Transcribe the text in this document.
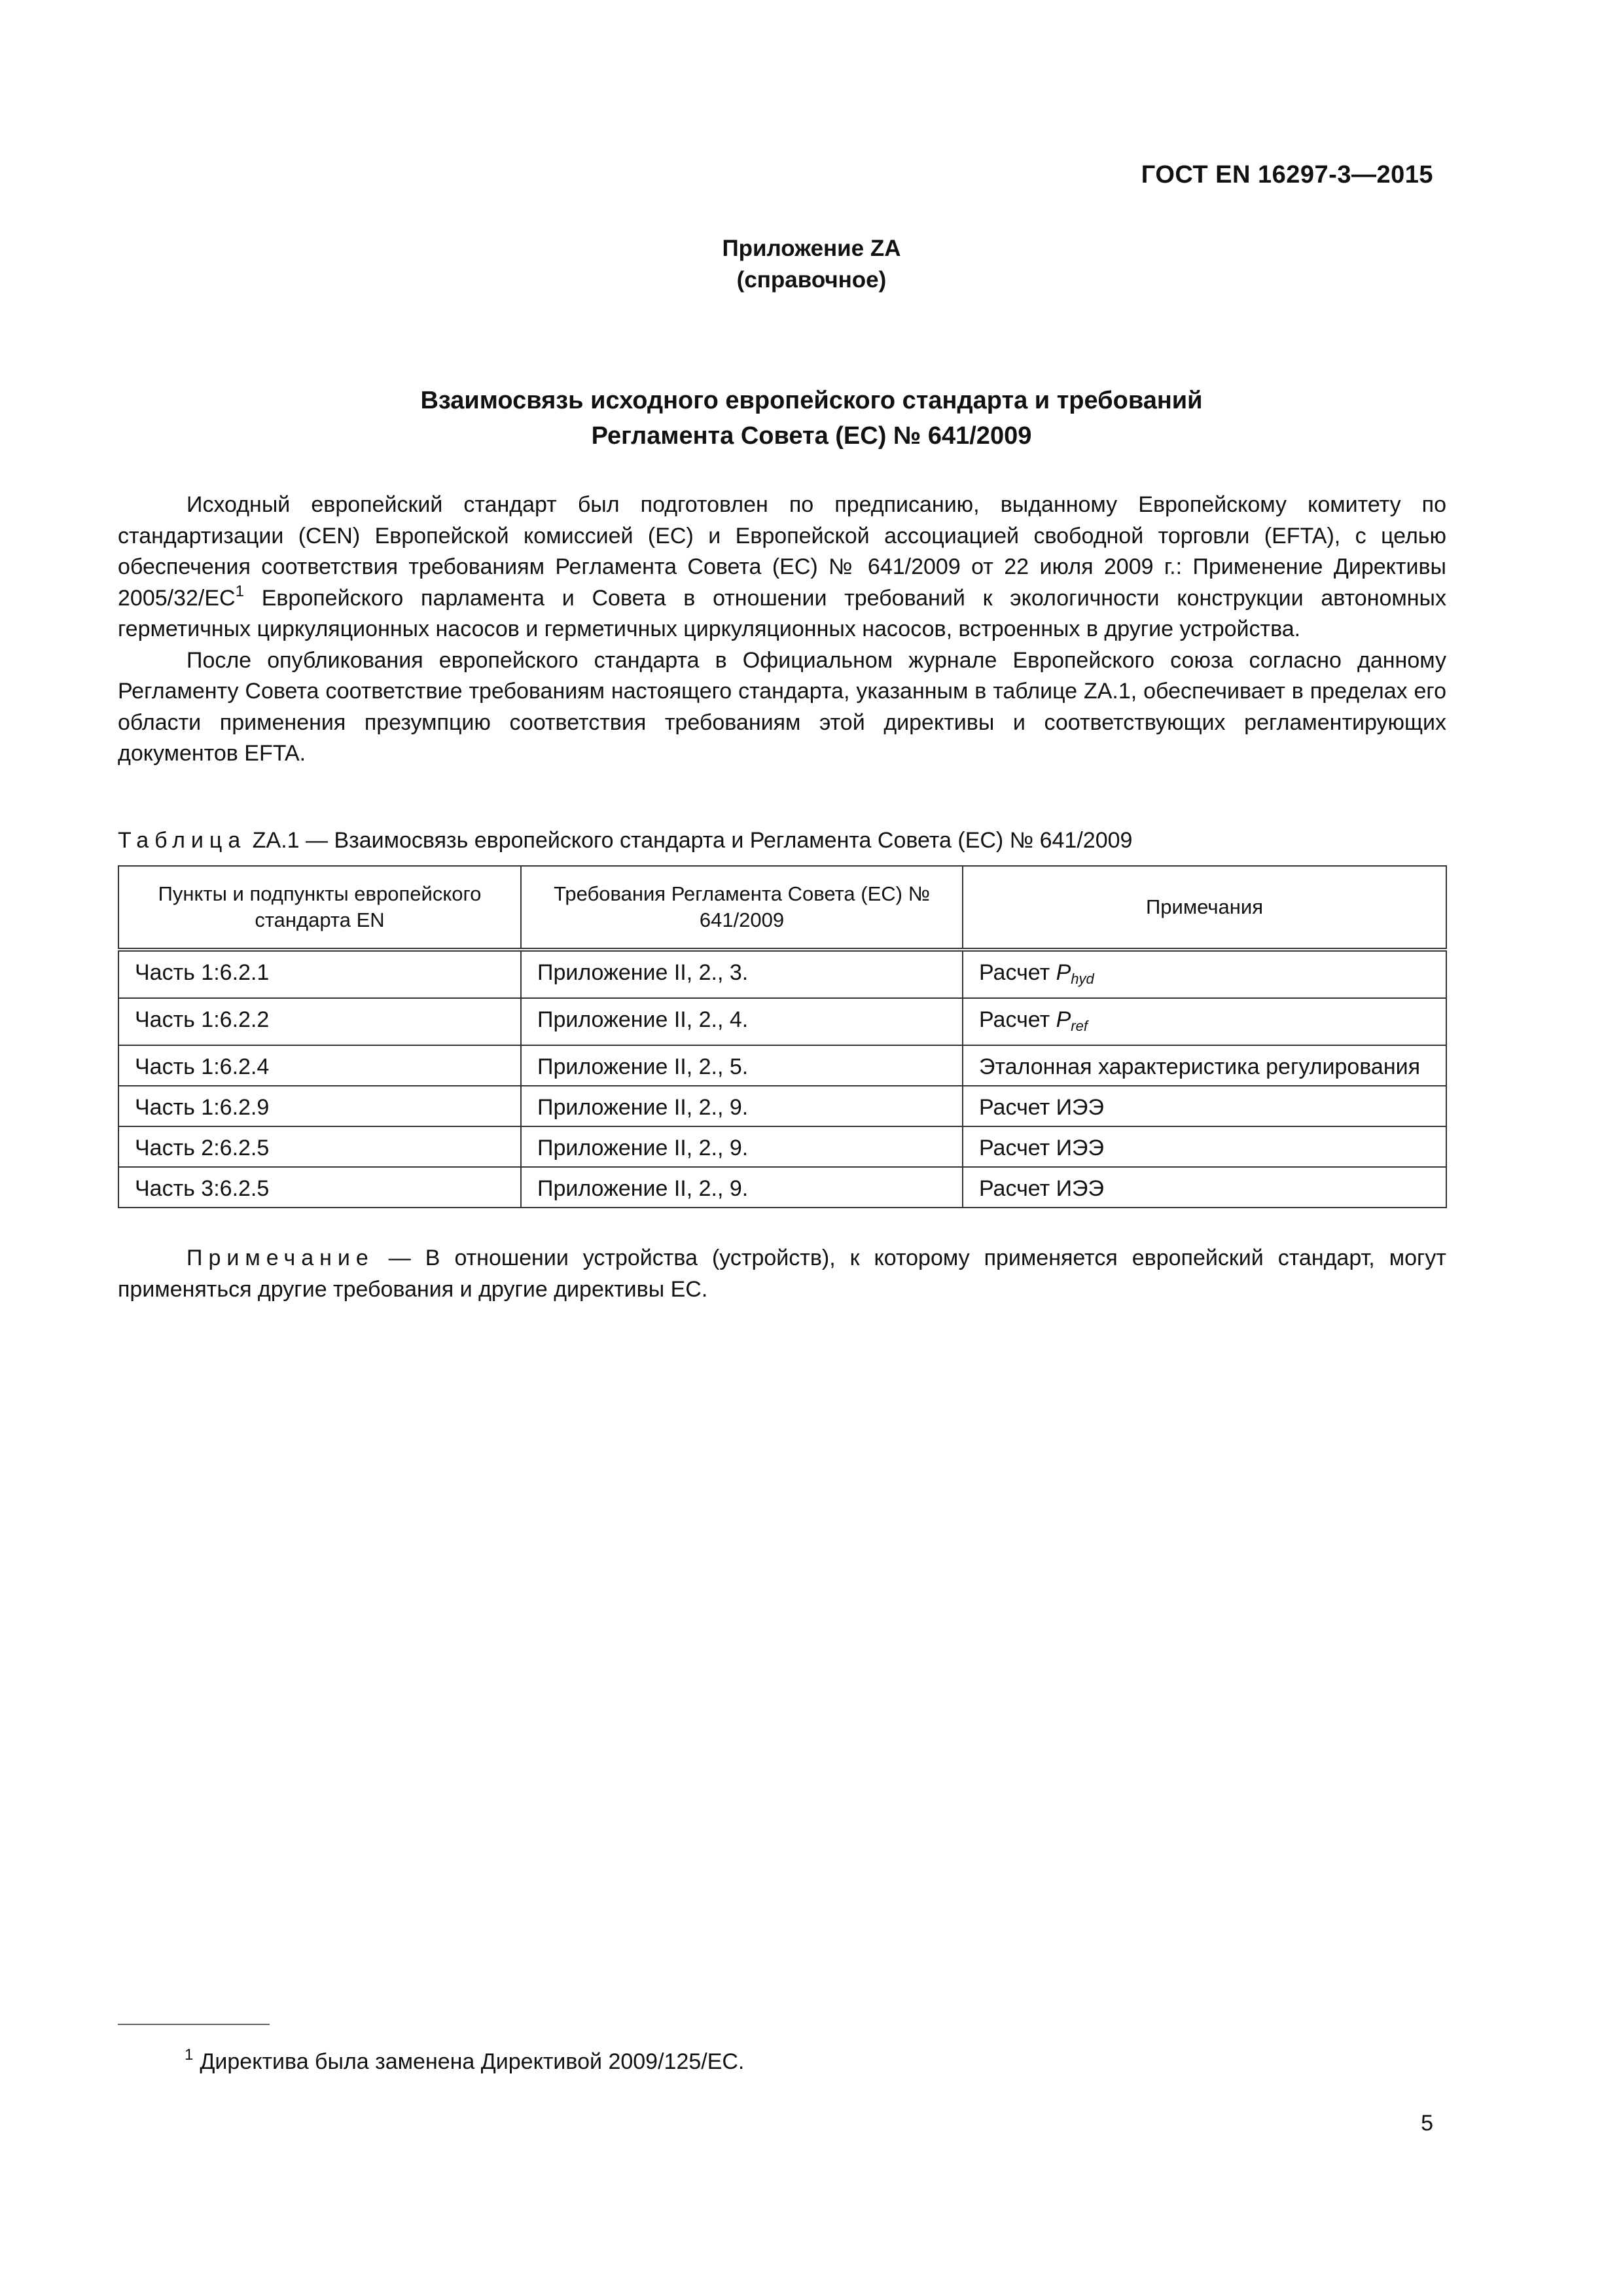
ГОСТ EN 16297-3—2015
Приложение ZA
(справочное)
Взаимосвязь исходного европейского стандарта и требований
Регламента Совета (ЕС) № 641/2009

Исходный европейский стандарт был подготовлен по предписанию, выданному Европейскому комитету по стандартизации (CEN) Европейской комиссией (ЕС) и Европейской ассоциацией свободной торговли (EFTA), с целью обеспечения соответствия требованиям Регламента Совета (ЕС) № 641/2009 от 22 июля 2009 г.: Применение Директивы $2005/32/ЕС^1$ Европейского парламента и Совета в отношении требований к экологичности конструкции автономных герметичных циркуляционных насосов и герметичных циркуляционных насосов, встроенных в другие устройства.

После опубликования европейского стандарта в Официальном журнале Европейского союза согласно данному Регламенту Совета соответствие требованиям настоящего стандарта, указанным в таблице ZA.1, обеспечивает в пределах его области применения презумпцию соответствия требованиям этой директивы и соответствующих регламентирующих документов EFTA.

Таблица ZA.1 — Взаимосвязь европейского стандарта и Регламента Совета (ЕС) № 641/2009
Пункты и подпункты европейского стандарта EN	Требования Регламента Совета (ЕС) № 641/2009	Примечания
Часть 1:6.2.1	Приложение II, 2., 3.	Расчет $P_{hyd}$
Часть 1:6.2.2	Приложение II, 2., 4.	Расчет $P_{ref}$
Часть 1:6.2.4	Приложение II, 2., 5.	Эталонная характеристика регулирования
Часть 1:6.2.9	Приложение II, 2., 9.	Расчет ИЭЭ
Часть 2:6.2.5	Приложение II, 2., 9.	Расчет ИЭЭ
Часть 3:6.2.5	Приложение II, 2., 9.	Расчет ИЭЭ

Примечание — В отношении устройства (устройств), к которому применяется европейский стандарт, могут применяться другие требования и другие директивы ЕС.

$^1$ Директива была заменена Директивой 2009/125/ЕС.
5
